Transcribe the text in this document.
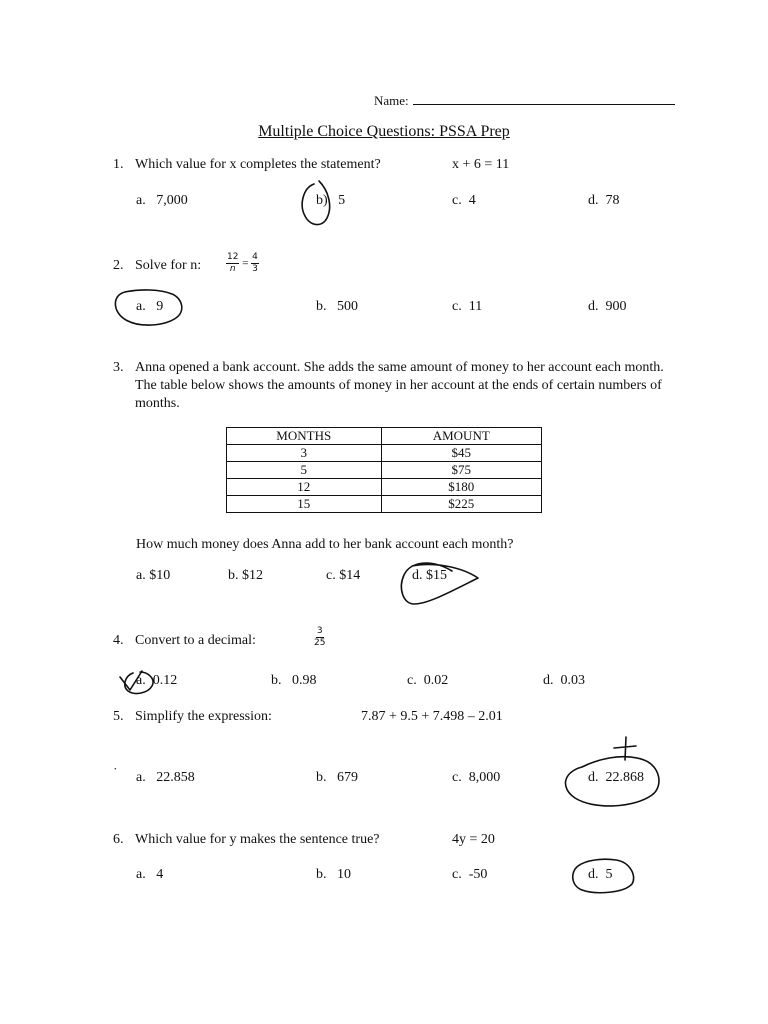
Name:
Multiple Choice Questions: PSSA Prep
1. Which value for x completes the statement?	x + 6 = 11
a. 7,000	b) 5	c. 4	d. 78
2. Solve for n:	$\frac{12}{n} = \frac{4}{3}$
a. 9	b. 500	c. 11	d. 900
3. Anna opened a bank account. She adds the same amount of money to her account each month. The table below shows the amounts of money in her account at the ends of certain numbers of months.
MONTHS	AMOUNT
3	$45
5	$75
12	$180
15	$225
How much money does Anna add to her bank account each month?
a. $10	b. $12	c. $14	d. $15
4. Convert to a decimal:	$\frac{3}{25}$
a. 0.12	b. 0.98	c. 0.02	d. 0.03
5. Simplify the expression:	7.87 + 9.5 + 7.498 – 2.01
˙ a. 22.858	b. 679	c. 8,000	d. 22.868
6. Which value for y makes the sentence true?	4y = 20
a. 4	b. 10	c. -50	d. 5
